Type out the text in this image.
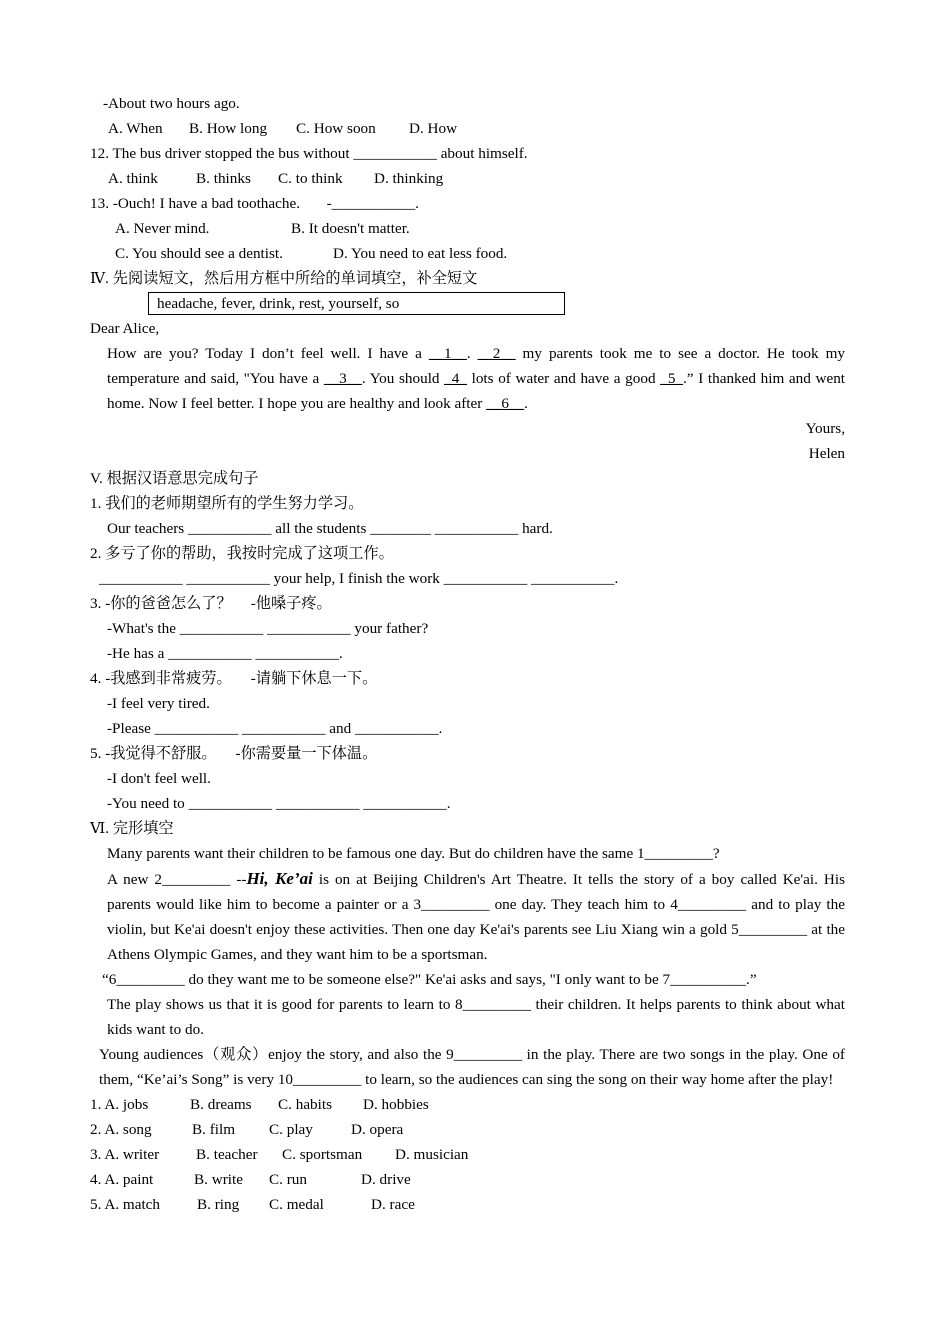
-About two hours ago.
A. When B. How long C. How soon D. How
12. The bus driver stopped the bus without ___________ about himself.
A. think	B. thinks C. to think D. thinking
13. -Ouch! I have a bad toothache.       -___________.
A. Never mind.	B. It doesn't matter.
C. You should see a dentist.	D. You need to eat less food.
Ⅳ. 先阅读短文，然后用方框中所给的单词填空，补全短文
headache, fever, drink, rest, yourself, so
Dear Alice,
How are you? Today I don’t feel well. I have a __1__. __2__ my parents took me to see a doctor. He took my temperature and said, "You have a __3__. You should _4_ lots of water and have a good _5_.” I thanked him and went home. Now I feel better. I hope you are healthy and look after __6__.
Yours,
Helen
V. 根据汉语意思完成句子
1. 我们的老师期望所有的学生努力学习。
Our teachers ___________ all the students ________ ___________ hard.
2. 多亏了你的帮助，我按时完成了这项工作。
___________ ___________ your help, I finish the work ___________ ___________.
3. -你的爸爸怎么了？     -他嗓子疼。
-What's the ___________ ___________ your father?
-He has a ___________ ___________.
4. -我感到非常疲劳。     -请躺下休息一下。
-I feel very tired.
-Please ___________ ___________ and ___________.
5. -我觉得不舒服。     -你需要量一下体温。
-I don't feel well.
-You need to ___________ ___________ ___________.
Ⅵ. 完形填空
Many parents want their children to be famous one day. But do children have the same 1_________?
A new 2_________ --Hi, Ke’ai is on at Beijing Children's Art Theatre. It tells the story of a boy called Ke'ai. His parents would like him to become a painter or a 3_________ one day. They teach him to 4_________ and to play the violin, but Ke'ai doesn't enjoy these activities. Then one day Ke'ai's parents see Liu Xiang win a gold 5_________ at the Athens Olympic Games, and they want him to be a sportsman.
“6_________ do they want me to be someone else?" Ke'ai asks and says, "I only want to be 7__________.”
The play shows us that it is good for parents to learn to 8_________ their children. It helps parents to think about what kids want to do.
Young audiences（观众）enjoy the story, and also the 9_________ in the play. There are two songs in the play. One of them, “Ke’ai’s Song” is very 10_________ to learn, so the audiences can sing the song on their way home after the play!
1. A. jobs	B. dreams C. habits D. hobbies
2. A. song	B. film C. play	D. opera
3. A. writer B. teacher C. sportsman D. musician
4. A. paint	B. write C. run	D. drive
5. A. match B. ring C. medal	D. race
